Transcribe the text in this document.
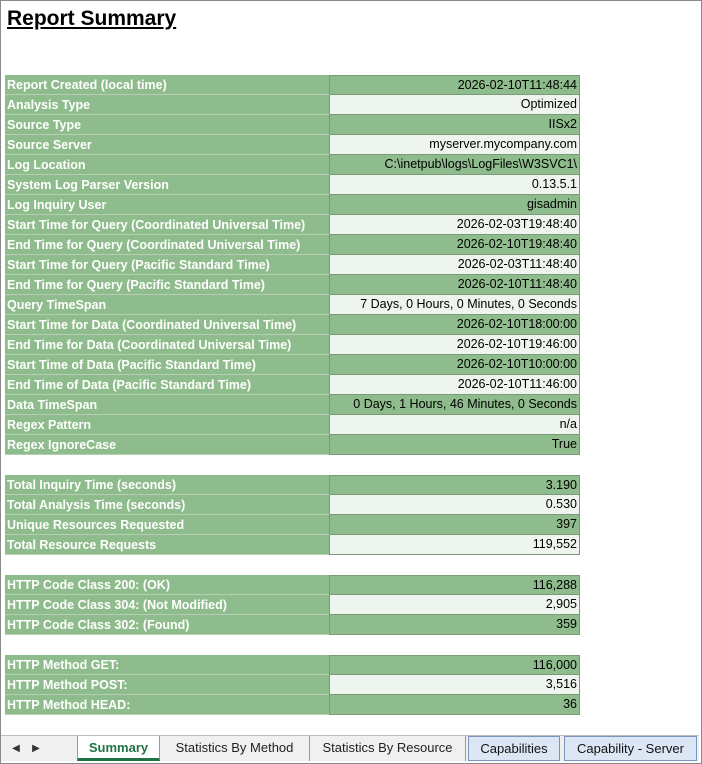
Report Summary
Report Created (local time)	2026-02-10T11:48:44
Analysis Type	Optimized
Source Type	IISx2
Source Server	myserver.mycompany.com
Log Location	C:\inetpub\logs\LogFiles\W3SVC1\
System Log Parser Version	0.13.5.1
Log Inquiry User	gisadmin
Start Time for Query (Coordinated Universal Time)	2026-02-03T19:48:40
End Time for Query (Coordinated Universal Time)	2026-02-10T19:48:40
Start Time for Query (Pacific Standard Time)	2026-02-03T11:48:40
End Time for Query (Pacific Standard Time)	2026-02-10T11:48:40
Query TimeSpan	7 Days, 0 Hours, 0 Minutes, 0 Seconds
Start Time for Data (Coordinated Universal Time)	2026-02-10T18:00:00
End Time for Data (Coordinated Universal Time)	2026-02-10T19:46:00
Start Time of Data (Pacific Standard Time)	2026-02-10T10:00:00
End Time of Data (Pacific Standard Time)	2026-02-10T11:46:00
Data TimeSpan	0 Days, 1 Hours, 46 Minutes, 0 Seconds
Regex Pattern	n/a
Regex IgnoreCase	True
Total Inquiry Time (seconds)	3.190
Total Analysis Time (seconds)	0.530
Unique Resources Requested	397
Total Resource Requests	119,552
HTTP Code Class 200: (OK)	116,288
HTTP Code Class 304: (Not Modified)	2,905
HTTP Code Class 302: (Found)	359
HTTP Method GET:	116,000
HTTP Method POST:	3,516
HTTP Method HEAD:	36
◀	▶	Summary	Statistics By Method	Statistics By Resource	Capabilities	Capability - Server
